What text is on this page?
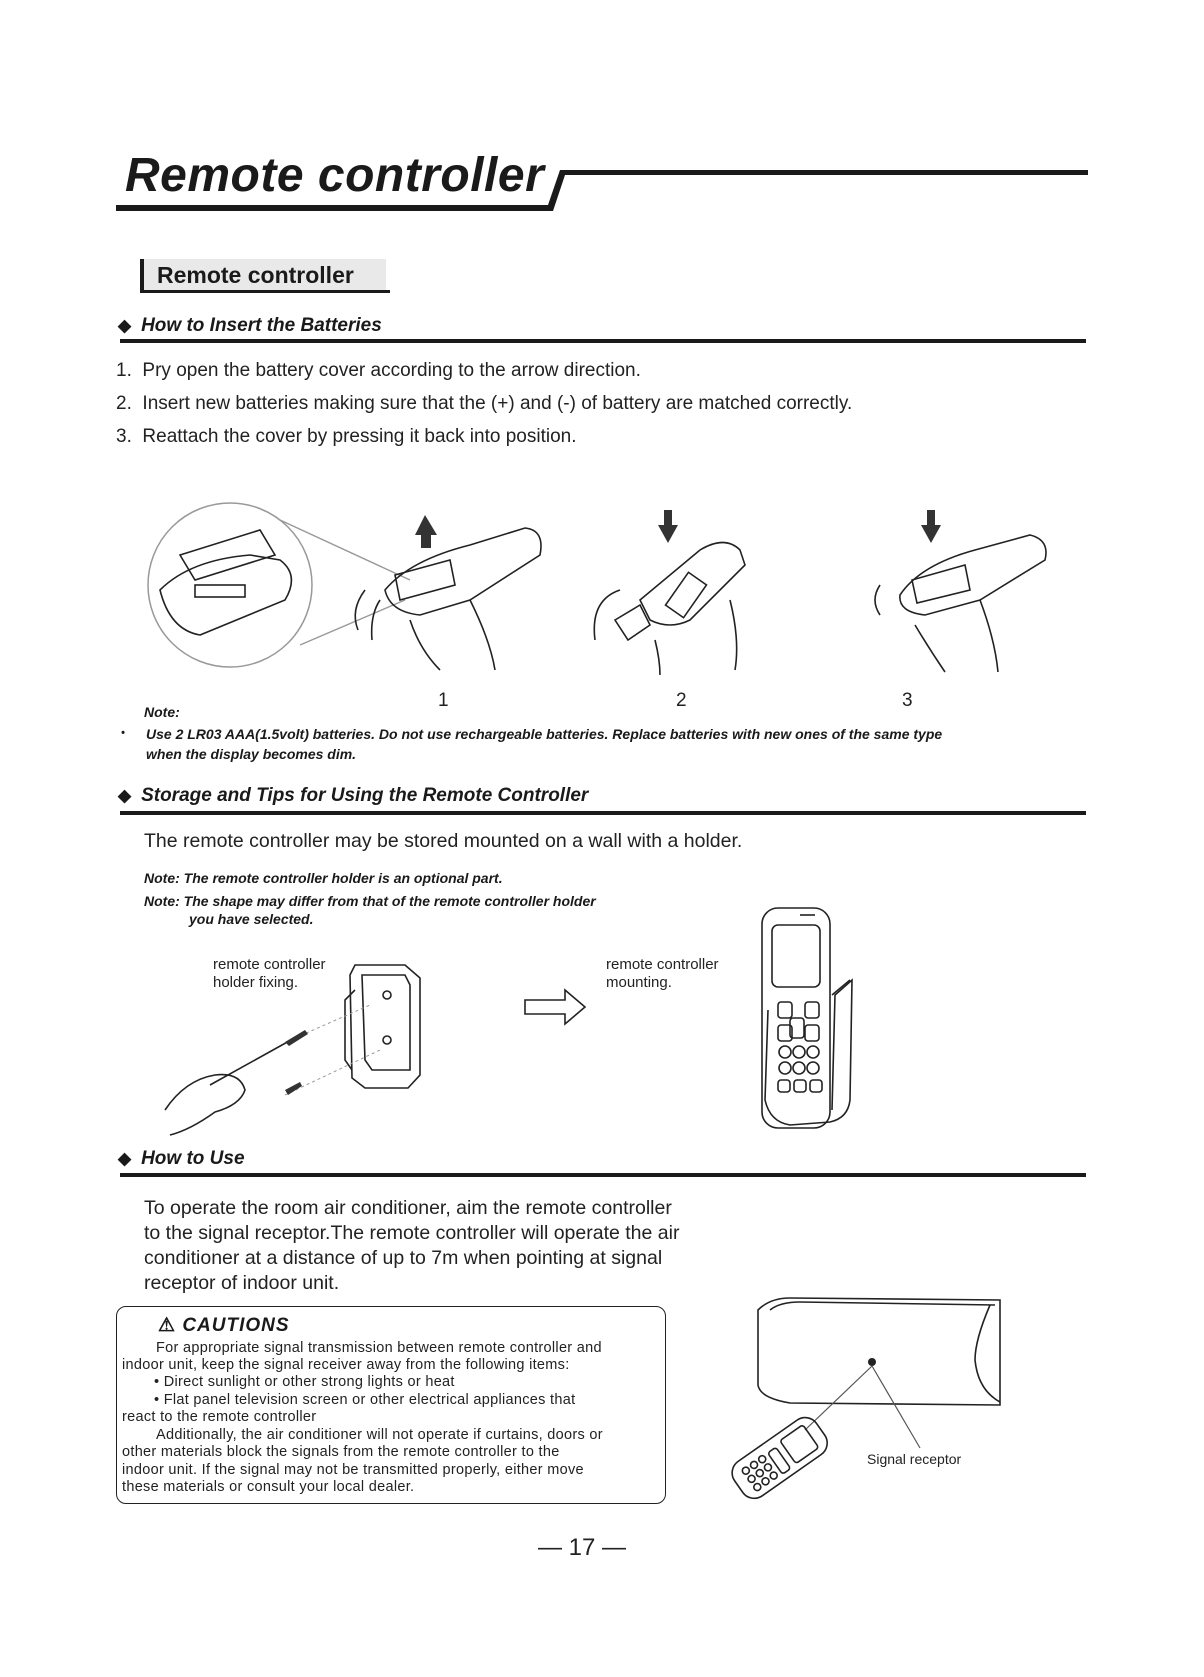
Remote controller
Remote controller
◆ How to Insert the Batteries
1. Pry open the battery cover according to the arrow direction.
2. Insert new batteries making sure that the (+) and (-) of battery are matched correctly.
3. Reattach the cover by pressing it back into position.
1	2	3
Note:
• Use 2 LR03 AAA(1.5volt) batteries. Do not use rechargeable batteries. Replace batteries with new ones of the same type
when the display becomes dim.
◆ Storage and Tips for Using the Remote Controller
The remote controller may be stored mounted on a wall with a holder.
Note: The remote controller holder is an optional part.
Note: The shape may differ from that of the remote controller holder
you have selected.
remote controller
holder fixing.
remote controller
mounting.
◆ How to Use
To operate the room air conditioner, aim the remote controller
to the signal receptor.The remote controller will operate the air
conditioner at a distance of up to 7m when pointing at signal
receptor of indoor unit.
⚠ CAUTIONS
For appropriate signal transmission between remote controller and
indoor unit, keep the signal receiver away from the following items:
• Direct sunlight or other strong lights or heat
• Flat panel television screen or other electrical appliances that
react to the remote controller
Additionally, the air conditioner will not operate if curtains, doors or
other materials block the signals from the remote controller to the
indoor unit. If the signal may not be transmitted properly, either move
these materials or consult your local dealer.
Signal receptor
— 17 —
